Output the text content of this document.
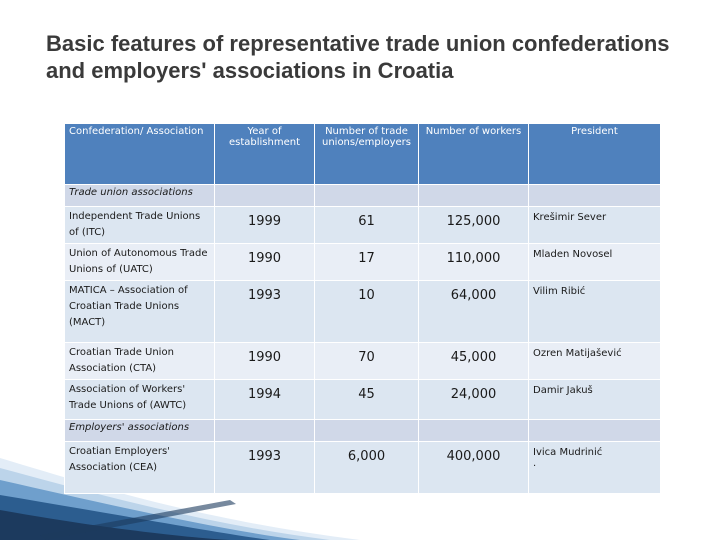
Basic features of representative trade union confederations and employers' associations in Croatia
Confederation/ Association	Year of establishment	Number of trade unions/employers	Number of workers	President
Trade union associations				
Independent Trade Unions of (ITC)	1999	61	125,000	Krešimir Sever
Union of Autonomous Trade Unions of (UATC)	1990	17	110,000	Mladen Novosel
MATICA – Association of Croatian Trade Unions (MACT)	1993	10	64,000	Vilim Ribić
Croatian Trade Union Association (CTA)	1990	70	45,000	Ozren Matijašević
Association of Workers' Trade Unions of (AWTC)	1994	45	24,000	Damir Jakuš
Employers' associations				
Croatian Employers' Association (CEA)	1993	6,000	400,000	Ivica Mudrinić
.
